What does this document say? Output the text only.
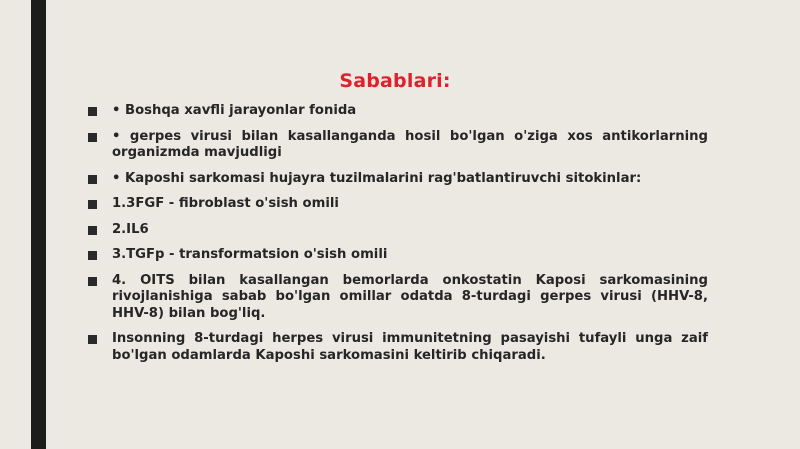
Sabablari:
• Boshqa xavfli jarayonlar fonida
• gerpes virusi bilan kasallanganda hosil bo'lgan o'ziga xos antikorlarning organizmda mavjudligi
• Kaposhi sarkomasi hujayra tuzilmalarini rag'batlantiruvchi sitokinlar:
1.3FGF - fibroblast o'sish omili
2.IL6
3.TGFp - transformatsion o'sish omili
4. OITS bilan kasallangan bemorlarda onkostatin Kaposi sarkomasining rivojlanishiga sabab bo'lgan omillar odatda 8-turdagi gerpes virusi (HHV-8, HHV-8) bilan bog'liq.
Insonning 8-turdagi herpes virusi immunitetning pasayishi tufayli unga zaif bo'lgan odamlarda Kaposhi sarkomasini keltirib chiqaradi.
